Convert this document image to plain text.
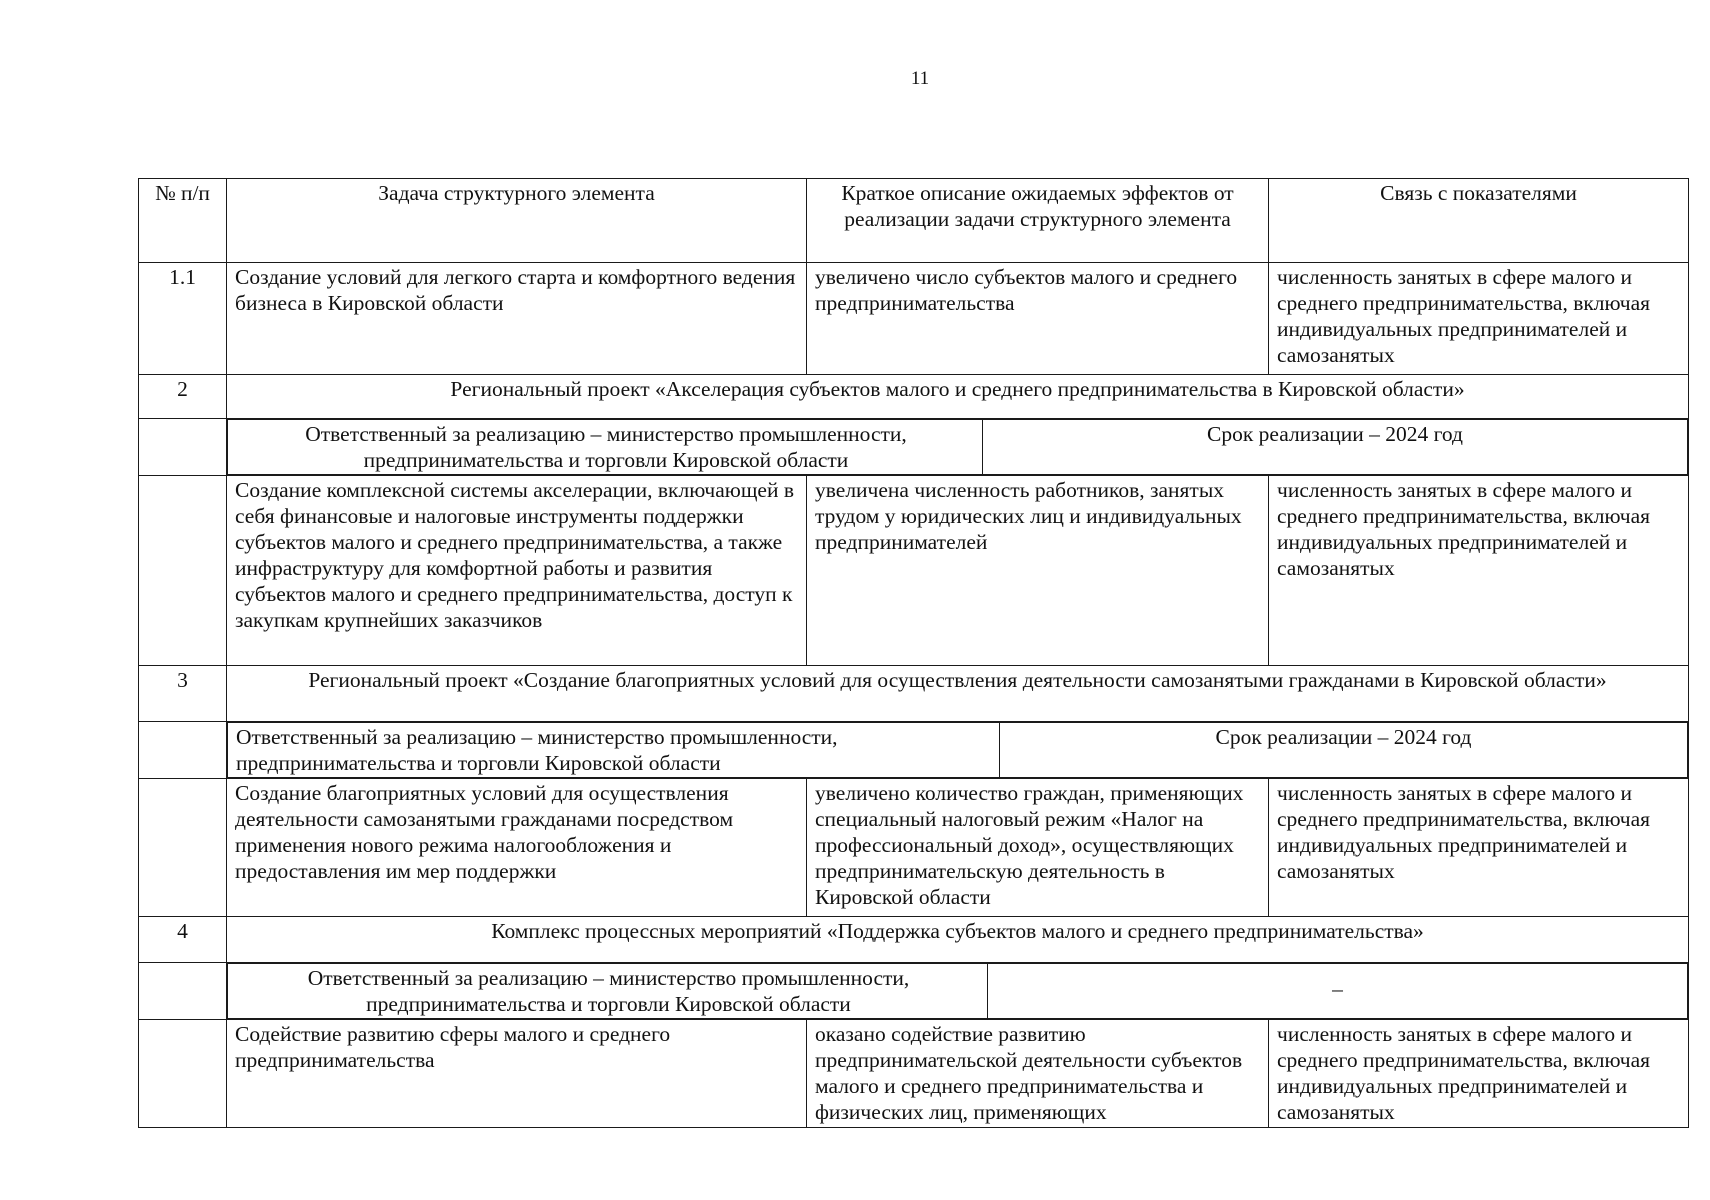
11
№ п/п	Задача структурного элемента	Краткое описание ожидаемых эффектов от реализации задачи структурного элемента	Связь с показателями
1.1	Создание условий для легкого старта и комфортного ведения бизнеса в Кировской области	увеличено число субъектов малого и среднего предпринимательства	численность занятых в сфере малого и среднего предпринимательства, включая индивидуальных предпринимателей и самозанятых
2	Региональный проект «Акселерация субъектов малого и среднего предпринимательства в Кировской области»

Ответственный за реализацию – министерство промышленности, предпринимательства и торговли Кировской области	Срок реализации – 2024 год

	Создание комплексной системы акселерации, включающей в себя финансовые и налоговые инструменты поддержки субъектов малого и среднего предпринимательства, а также инфраструктуру для комфортной работы и развития субъектов малого и среднего предпринимательства, доступ к закупкам крупнейших заказчиков	увеличена численность работников, занятых трудом у юридических лиц и индивидуальных предпринимателей	численность занятых в сфере малого и среднего предпринимательства, включая индивидуальных предпринимателей и самозанятых
3	Региональный проект «Создание благоприятных условий для осуществления деятельности самозанятыми гражданами в Кировской области»

Ответственный за реализацию – министерство промышленности, предпринимательства и торговли Кировской области	Срок реализации – 2024 год

	Создание благоприятных условий для осуществления деятельности самозанятыми гражданами посредством применения нового режима налогообложения и предоставления им мер поддержки	увеличено количество граждан, применяющих специальный налоговый режим «Налог на профессиональный доход», осуществляющих предпринимательскую деятельность в Кировской области	численность занятых в сфере малого и среднего предпринимательства, включая индивидуальных предпринимателей и самозанятых
4	Комплекс процессных мероприятий «Поддержка субъектов малого и среднего предпринимательства»

Ответственный за реализацию – министерство промышленности, предпринимательства и торговли Кировской области	–

	Содействие развитию сферы малого и среднего предпринимательства	оказано содействие развитию предпринимательской деятельности субъектов малого и среднего предпринимательства и физических лиц, применяющих	численность занятых в сфере малого и среднего предпринимательства, включая индивидуальных предпринимателей и самозанятых
